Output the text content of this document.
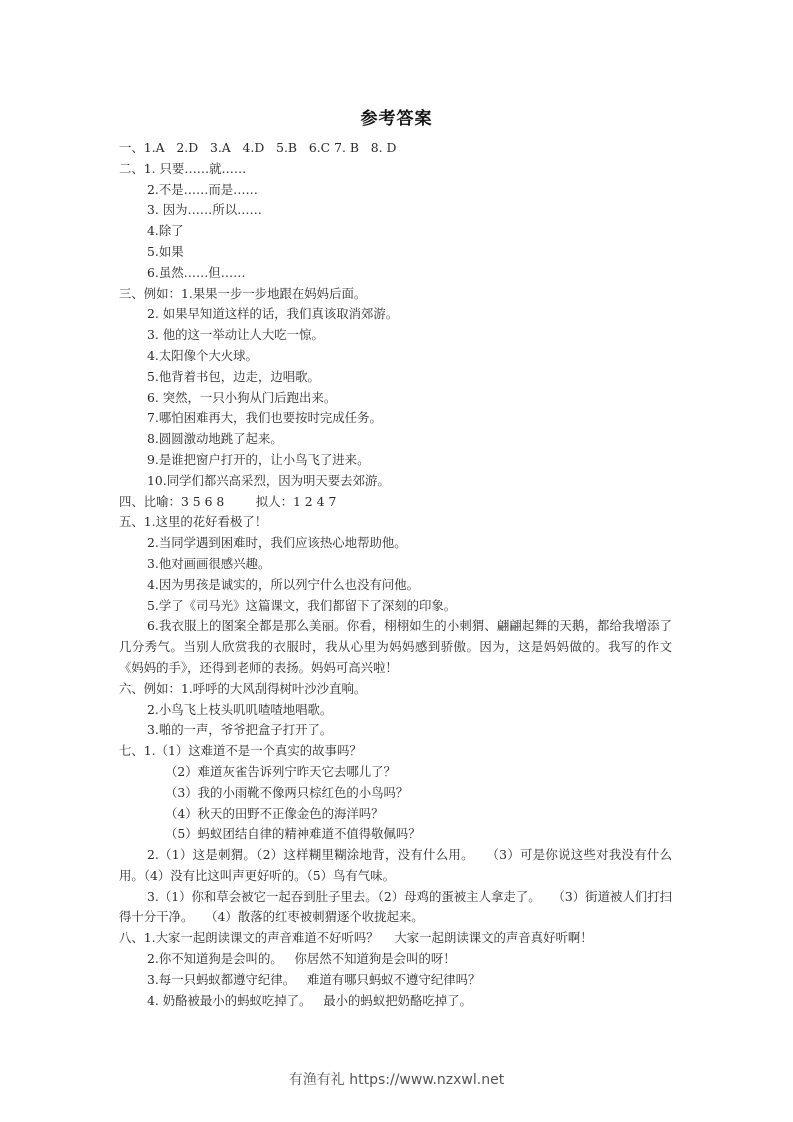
参考答案
一、1.A   2.D   3.A   4.D   5.B   6.C 7. B   8. D
二、1. 只要……就……
2.不是……而是……
3. 因为……所以……
4.除了
5.如果
6.虽然……但……
三、例如：1.果果一步一步地跟在妈妈后面。
2. 如果早知道这样的话，我们真该取消郊游。
3. 他的这一举动让人大吃一惊。
4.太阳像个大火球。
5.他背着书包，边走，边唱歌。
6. 突然，一只小狗从门后跑出来。
7.哪怕困难再大，我们也要按时完成任务。
8.圆圆激动地跳了起来。
9.是谁把窗户打开的，让小鸟飞了进来。
10.同学们都兴高采烈，因为明天要去郊游。
四、比喻：3 5 6 8        拟人：1 2 4 7
五、1.这里的花好看极了！
2.当同学遇到困难时，我们应该热心地帮助他。
3.他对画画很感兴趣。
4.因为男孩是诚实的，所以列宁什么也没有问他。
5.学了《司马光》这篇课文，我们都留下了深刻的印象。
6.我衣服上的图案全都是那么美丽。你看，栩栩如生的小刺猬、翩翩起舞的天鹅，都给我增添了几分秀气。当别人欣赏我的衣服时，我从心里为妈妈感到骄傲。因为，这是妈妈做的。我写的作文《妈妈的手》，还得到老师的表扬。妈妈可高兴啦！
六、例如：1.呼呼的大风刮得树叶沙沙直响。
2.小鸟飞上枝头叽叽喳喳地唱歌。
3.啪的一声，爷爷把盒子打开了。
七、1.（1）这难道不是一个真实的故事吗？
（2）难道灰雀告诉列宁昨天它去哪儿了？
（3）我的小雨靴不像两只棕红色的小鸟吗？
（4）秋天的田野不正像金色的海洋吗？
（5）蚂蚁团结自律的精神难道不值得敬佩吗？
2.（1）这是刺猬。（2）这样糊里糊涂地背，没有什么用。   （3）可是你说这些对我没有什么用。（4）没有比这叫声更好听的。（5）鸟有气味。
3.（1）你和草会被它一起吞到肚子里去。（2）母鸡的蛋被主人拿走了。   （3）街道被人们打扫得十分干净。   （4）散落的红枣被刺猬逐个收拢起来。
八、1.大家一起朗读课文的声音难道不好听吗？    大家一起朗读课文的声音真好听啊！
2.你不知道狗是会叫的。   你居然不知道狗是会叫的呀！
3.每一只蚂蚁都遵守纪律。   难道有哪只蚂蚁不遵守纪律吗？
4. 奶酪被最小的蚂蚁吃掉了。   最小的蚂蚁把奶酪吃掉了。
有渔有礼 https://www.nzxwl.net
